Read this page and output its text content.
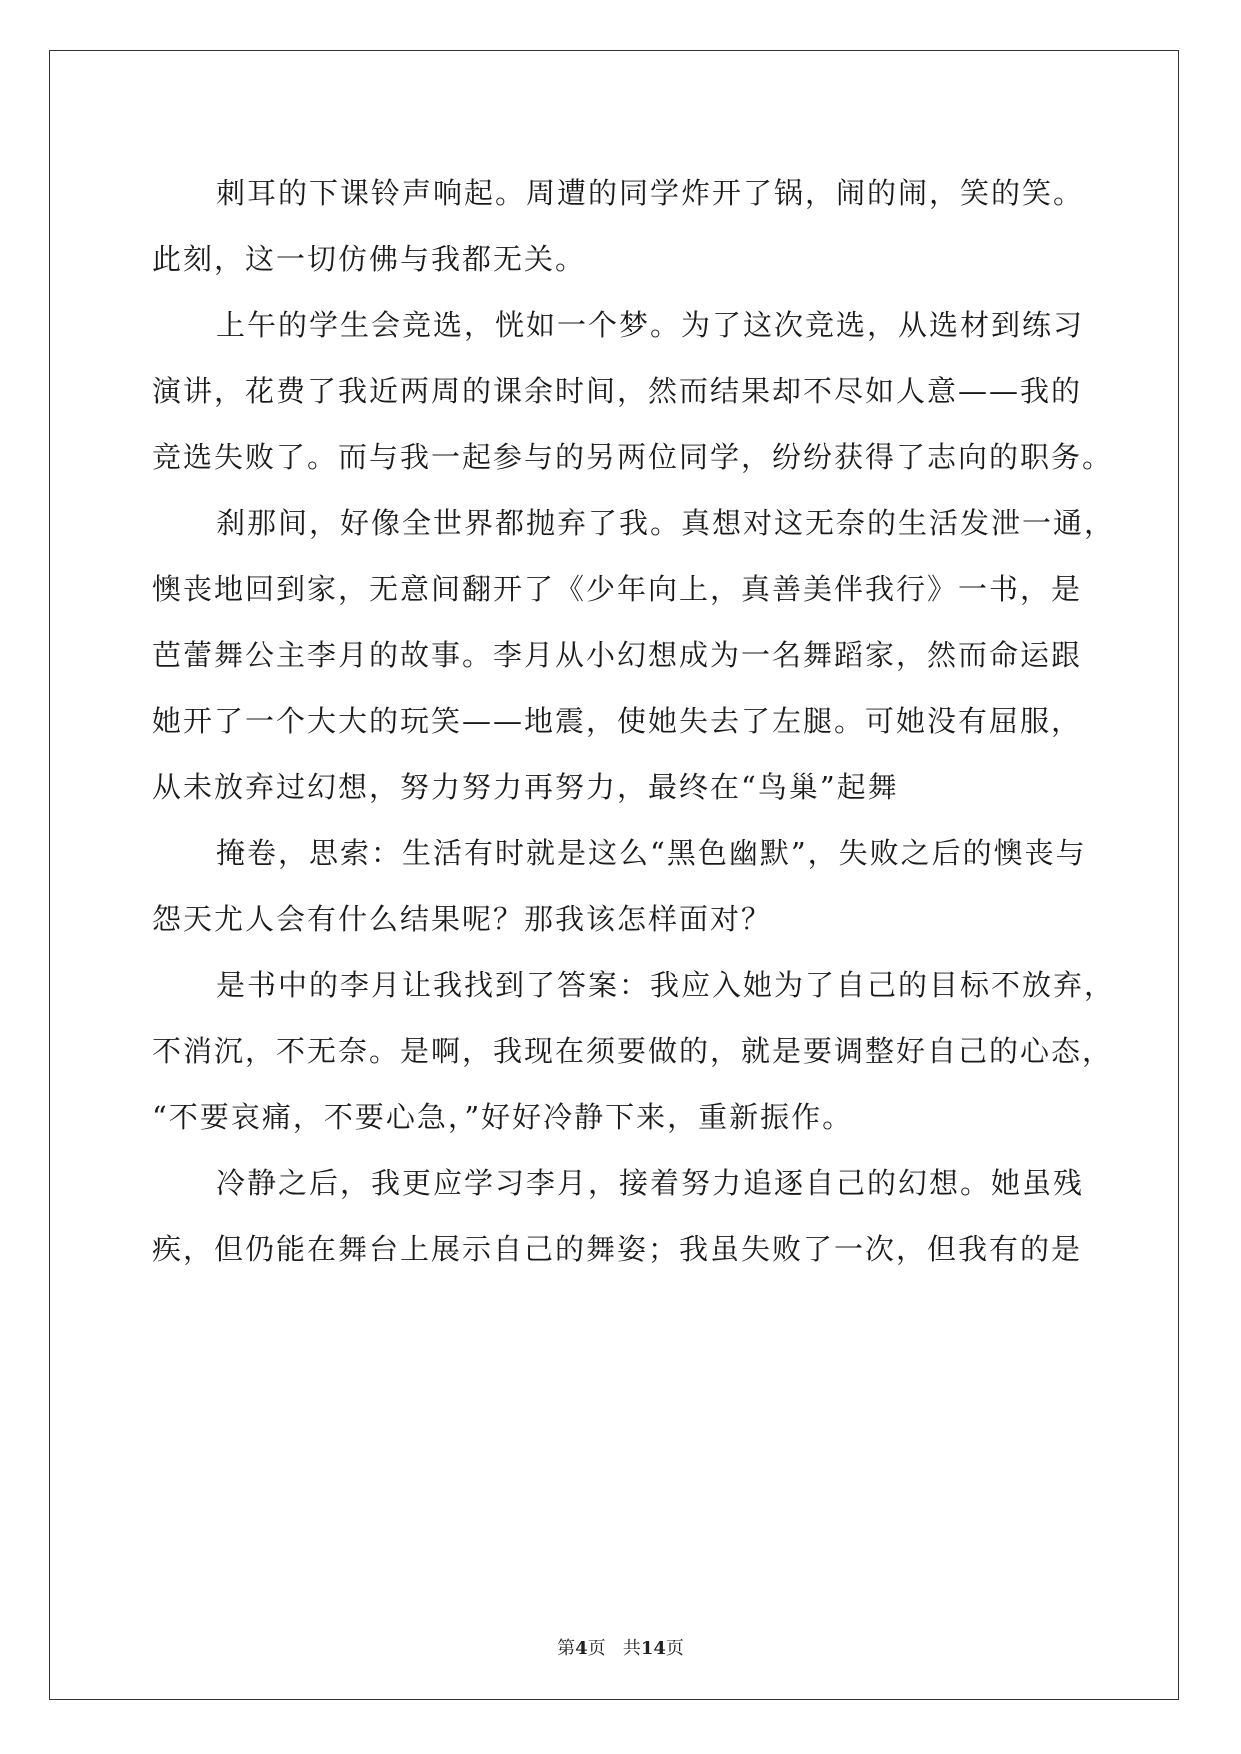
刺耳的下课铃声响起。周遭的同学炸开了锅，闹的闹，笑的笑。
此刻，这一切仿佛与我都无关。
上午的学生会竞选，恍如一个梦。为了这次竞选，从选材到练习
演讲，花费了我近两周的课余时间，然而结果却不尽如人意——我的
竞选失败了。而与我一起参与的另两位同学，纷纷获得了志向的职务。
刹那间，好像全世界都抛弃了我。真想对这无奈的生活发泄一通，
懊丧地回到家，无意间翻开了《少年向上，真善美伴我行》一书，是
芭蕾舞公主李月的故事。李月从小幻想成为一名舞蹈家，然而命运跟
她开了一个大大的玩笑——地震，使她失去了左腿。可她没有屈服，
从未放弃过幻想，努力努力再努力，最终在“鸟巢”起舞
掩卷，思索：生活有时就是这么“黑色幽默”，失败之后的懊丧与
怨天尤人会有什么结果呢？那我该怎样面对？
是书中的李月让我找到了答案：我应入她为了自己的目标不放弃，
不消沉，不无奈。是啊，我现在须要做的，就是要调整好自己的心态，
“不要哀痛，不要心急，”好好冷静下来，重新振作。
冷静之后，我更应学习李月，接着努力追逐自己的幻想。她虽残
疾，但仍能在舞台上展示自己的舞姿；我虽失败了一次，但我有的是
第4页 共14页
